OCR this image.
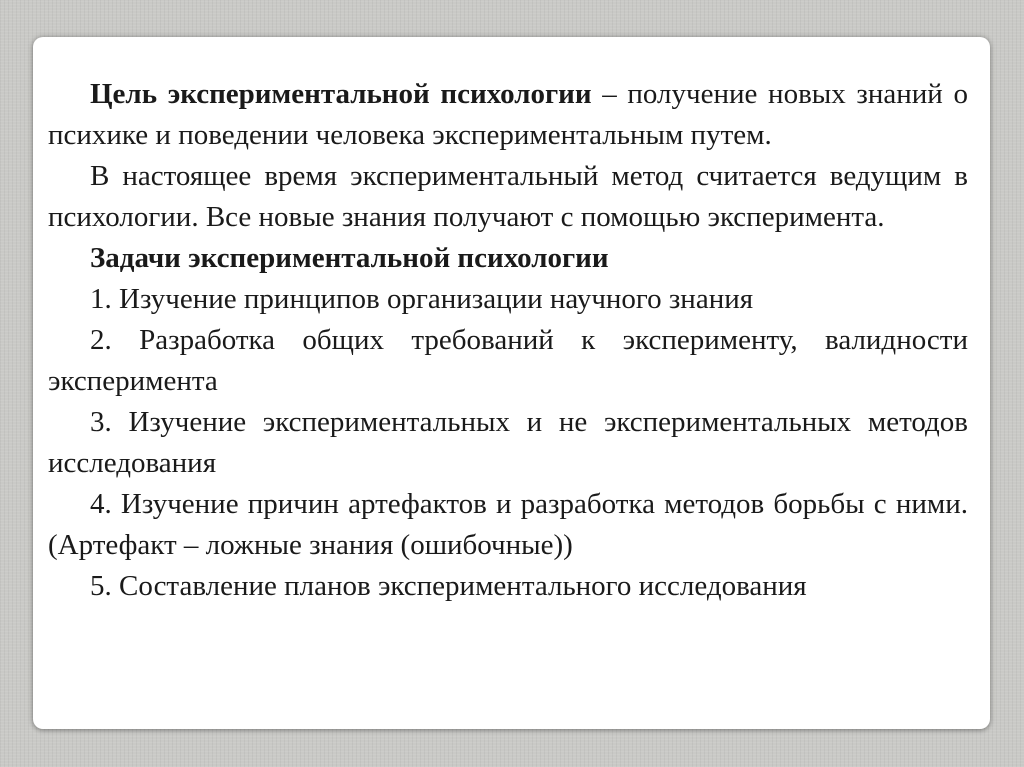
Цель экспериментальной психологии – получение новых знаний о психике и поведении человека экспериментальным путем.

В настоящее время экспериментальный метод считается ведущим в психологии. Все новые знания получают с помощью эксперимента.

Задачи экспериментальной психологии

1. Изучение принципов организации научного знания

2. Разработка общих требований к эксперименту, валидности эксперимента

3. Изучение экспериментальных и не экспериментальных методов исследования

4. Изучение причин артефактов и разработка методов борьбы с ними. (Артефакт – ложные знания (ошибочные))

5. Составление планов экспериментального исследования
